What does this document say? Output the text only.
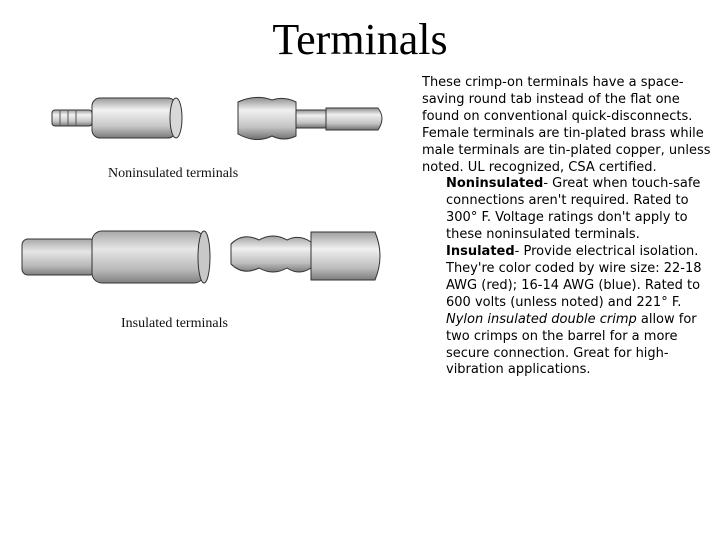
Terminals
Noninsulated terminals
Insulated terminals

These crimp-on terminals have a space-saving round tab instead of the flat one found on conventional quick-disconnects. Female terminals are tin-plated brass while male terminals are tin-plated copper, unless noted. UL recognized, CSA certified.

Noninsulated- Great when touch-safe connections aren't required. Rated to 300° F. Voltage ratings don't apply to these noninsulated terminals.

Insulated- Provide electrical isolation. They're color coded by wire size: 22-18 AWG (red); 16-14 AWG (blue). Rated to 600 volts (unless noted) and 221° F. Nylon insulated double crimp allow for two crimps on the barrel for a more secure connection. Great for high-vibration applications.
